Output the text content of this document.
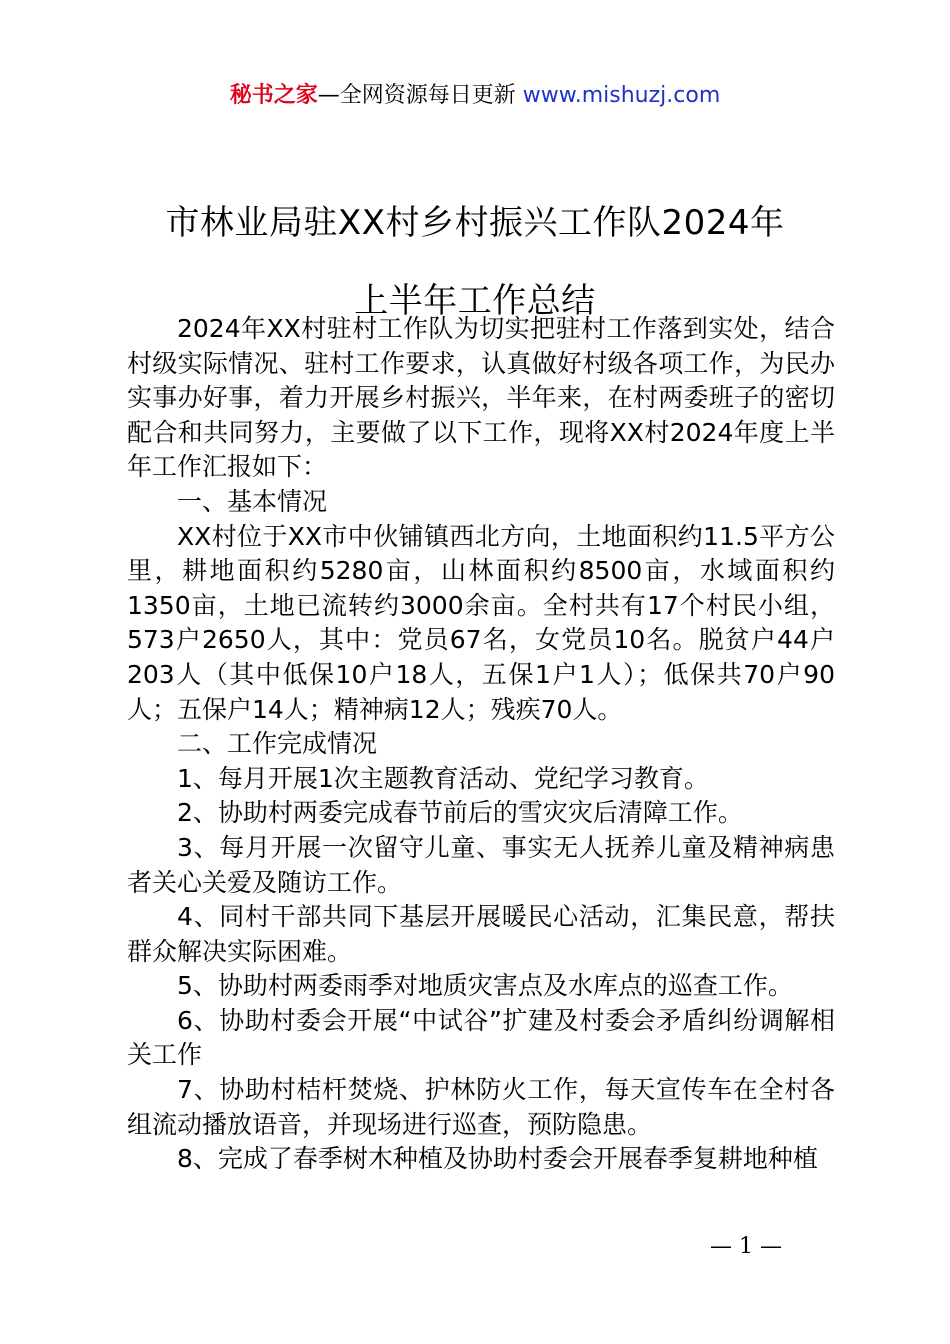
秘书之家—全网资源每日更新 www.mishuzj.com
市林业局驻XX村乡村振兴工作队2024年
上半年工作总结

2024年XX村驻村工作队为切实把驻村工作落到实处，结合村级实际情况、驻村工作要求，认真做好村级各项工作，为民办实事办好事，着力开展乡村振兴，半年来，在村两委班子的密切配合和共同努力，主要做了以下工作，现将XX村2024年度上半年工作汇报如下：

一、基本情况

XX村位于XX市中伙铺镇西北方向，土地面积约11.5平方公里，耕地面积约5280亩，山林面积约8500亩，水域面积约1350亩，土地已流转约3000余亩。全村共有17个村民小组，573户2650人，其中：党员67名，女党员10名。脱贫户44户203人（其中低保10户18人，五保1户1人）；低保共70户90人；五保户14人；精神病12人；残疾70人。

二、工作完成情况

1、每月开展1次主题教育活动、党纪学习教育。

2、协助村两委完成春节前后的雪灾灾后清障工作。

3、每月开展一次留守儿童、事实无人抚养儿童及精神病患者关心关爱及随访工作。

4、同村干部共同下基层开展暖民心活动，汇集民意，帮扶群众解决实际困难。

5、协助村两委雨季对地质灾害点及水库点的巡查工作。

6、协助村委会开展“中试谷”扩建及村委会矛盾纠纷调解相关工作

7、协助村桔杆焚烧、护林防火工作，每天宣传车在全村各组流动播放语音，并现场进行巡查，预防隐患。

8、完成了春季树木种植及协助村委会开展春季复耕地种植

— 1 —
